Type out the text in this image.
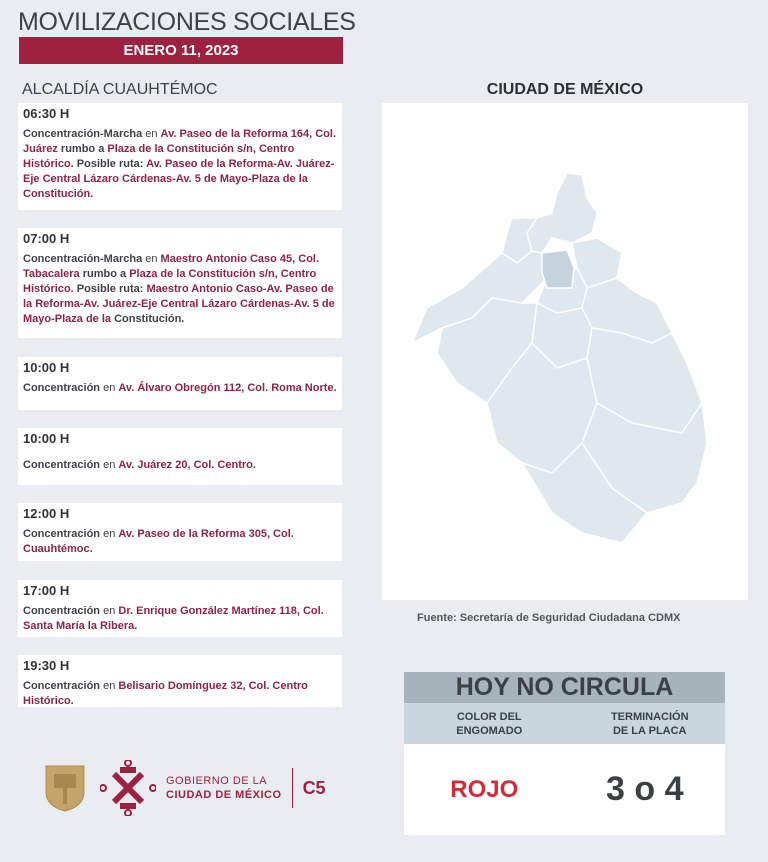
MOVILIZACIONES SOCIALES
ENERO 11, 2023
ALCALDÍA CUAUHTÉMOC
06:30 H
Concentración-Marcha en Av. Paseo de la Reforma 164, Col. Juárez rumbo a Plaza de la Constitución s/n, Centro Histórico. Posible ruta: Av. Paseo de la Reforma-Av. Juárez-Eje Central Lázaro Cárdenas-Av. 5 de Mayo-Plaza de la Constitución.
07:00 H
Concentración-Marcha en Maestro Antonio Caso 45, Col. Tabacalera rumbo a Plaza de la Constitución s/n, Centro Histórico. Posible ruta: Maestro Antonio Caso-Av. Paseo de la Reforma-Av. Juárez-Eje Central Lázaro Cárdenas-Av. 5 de Mayo-Plaza de la Constitución.
10:00 H
Concentración en Av. Álvaro Obregón 112, Col. Roma Norte.
10:00 H
Concentración en Av. Juárez 20, Col. Centro.
12:00 H
Concentración en Av. Paseo de la Reforma 305, Col. Cuauhtémoc.
17:00 H
Concentración en Dr. Enrique González Martínez 118, Col. Santa María la Ribera.
19:30 H
Concentración en Belisario Domínguez 32, Col. Centro Histórico.
CIUDAD DE MÉXICO
Fuente: Secretaría de Seguridad Ciudadana CDMX
HOY NO CIRCULA
COLOR DEL ENGOMADO
TERMINACIÓN DE LA PLACA
ROJO	3 o 4
GOBIERNO DE LA
CIUDAD DE MÉXICO C5
